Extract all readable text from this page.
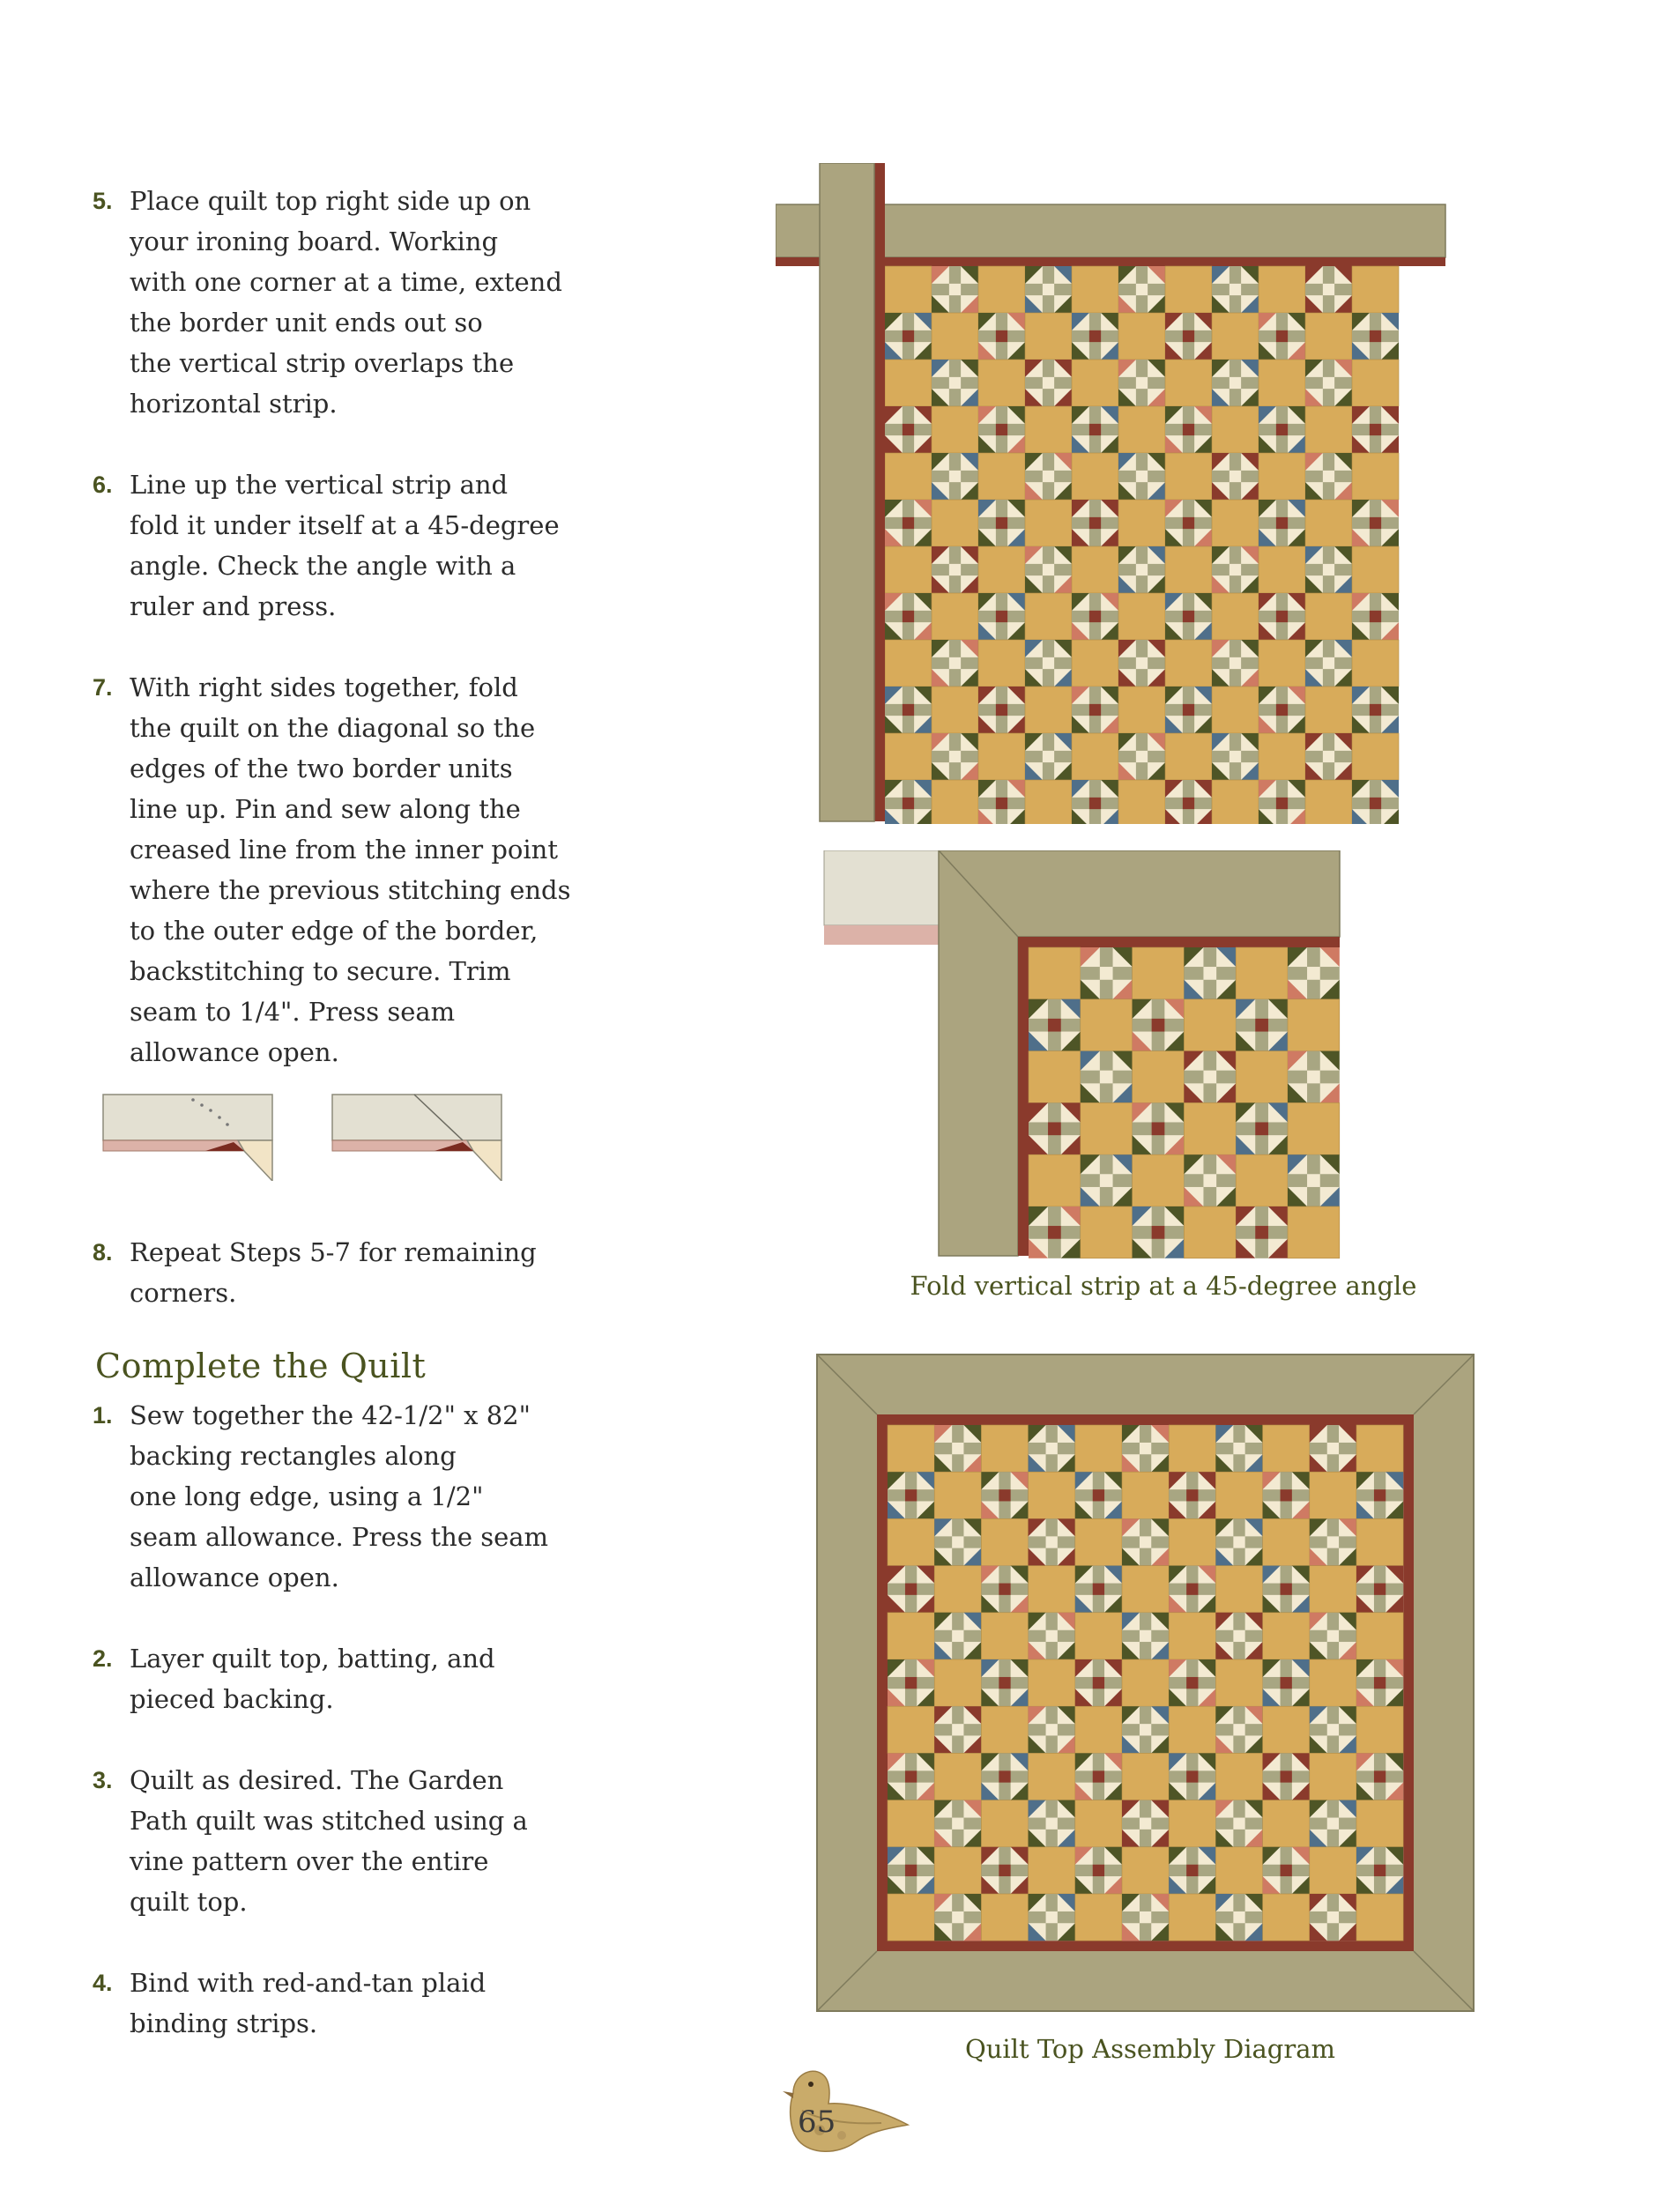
5. Place quilt top right side up on
your ironing board. Working
with one corner at a time, extend
the border unit ends out so
the vertical strip overlaps the
horizontal strip.
6. Line up the vertical strip and
fold it under itself at a 45-degree
angle. Check the angle with a
ruler and press.
7. With right sides together, fold
the quilt on the diagonal so the
edges of the two border units
line up. Pin and sew along the
creased line from the inner point
where the previous stitching ends
to the outer edge of the border,
backstitching to secure. Trim
seam to 1/4". Press seam
allowance open.
8. Repeat Steps 5-7 for remaining
corners.
Complete the Quilt
1. Sew together the 42-1/2" x 82"
backing rectangles along
one long edge, using a 1/2"
seam allowance. Press the seam
allowance open.
2. Layer quilt top, batting, and
pieced backing.
3. Quilt as desired. The Garden
Path quilt was stitched using a
vine pattern over the entire
quilt top.
4. Bind with red-and-tan plaid
binding strips.
Fold vertical strip at a 45-degree angle
Quilt Top Assembly Diagram
65
